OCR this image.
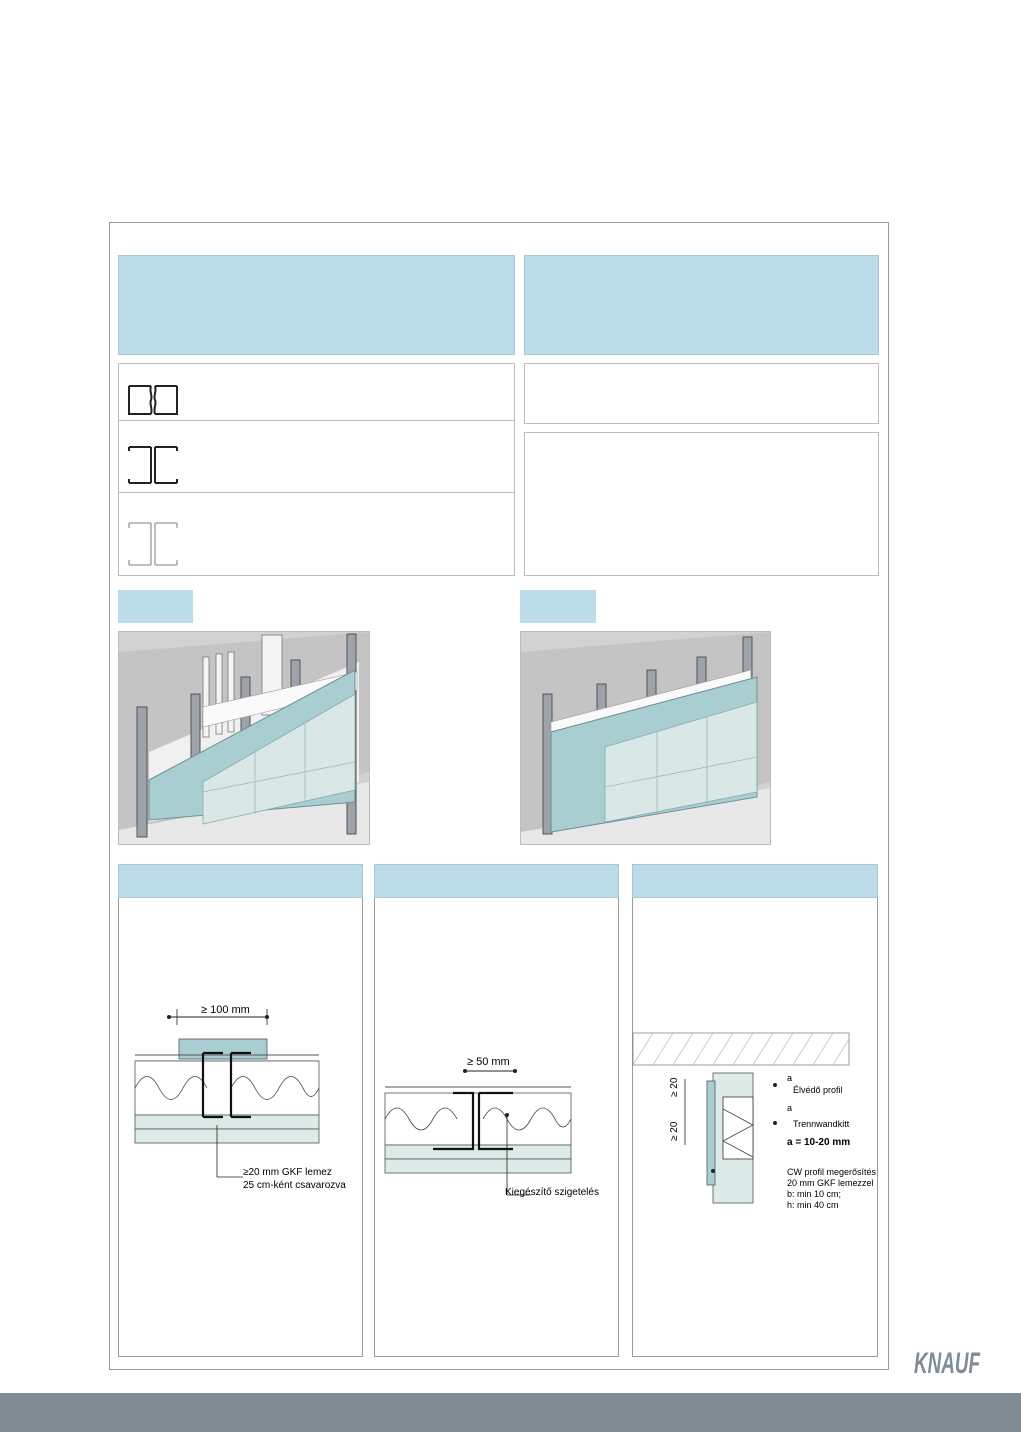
≥ 100 mm
≥20 mm GKF lemez
25 cm-ként csavarozva
≥ 50 mm
Kiegészítő szigetelés
≥ 20
≥ 20
a
a
Élvédő profil
Trennwandkitt
a = 10-20 mm
CW profil megerősítés
20 mm GKF lemezzel
b: min 10 cm;
h: min 40 cm
KNAUF
